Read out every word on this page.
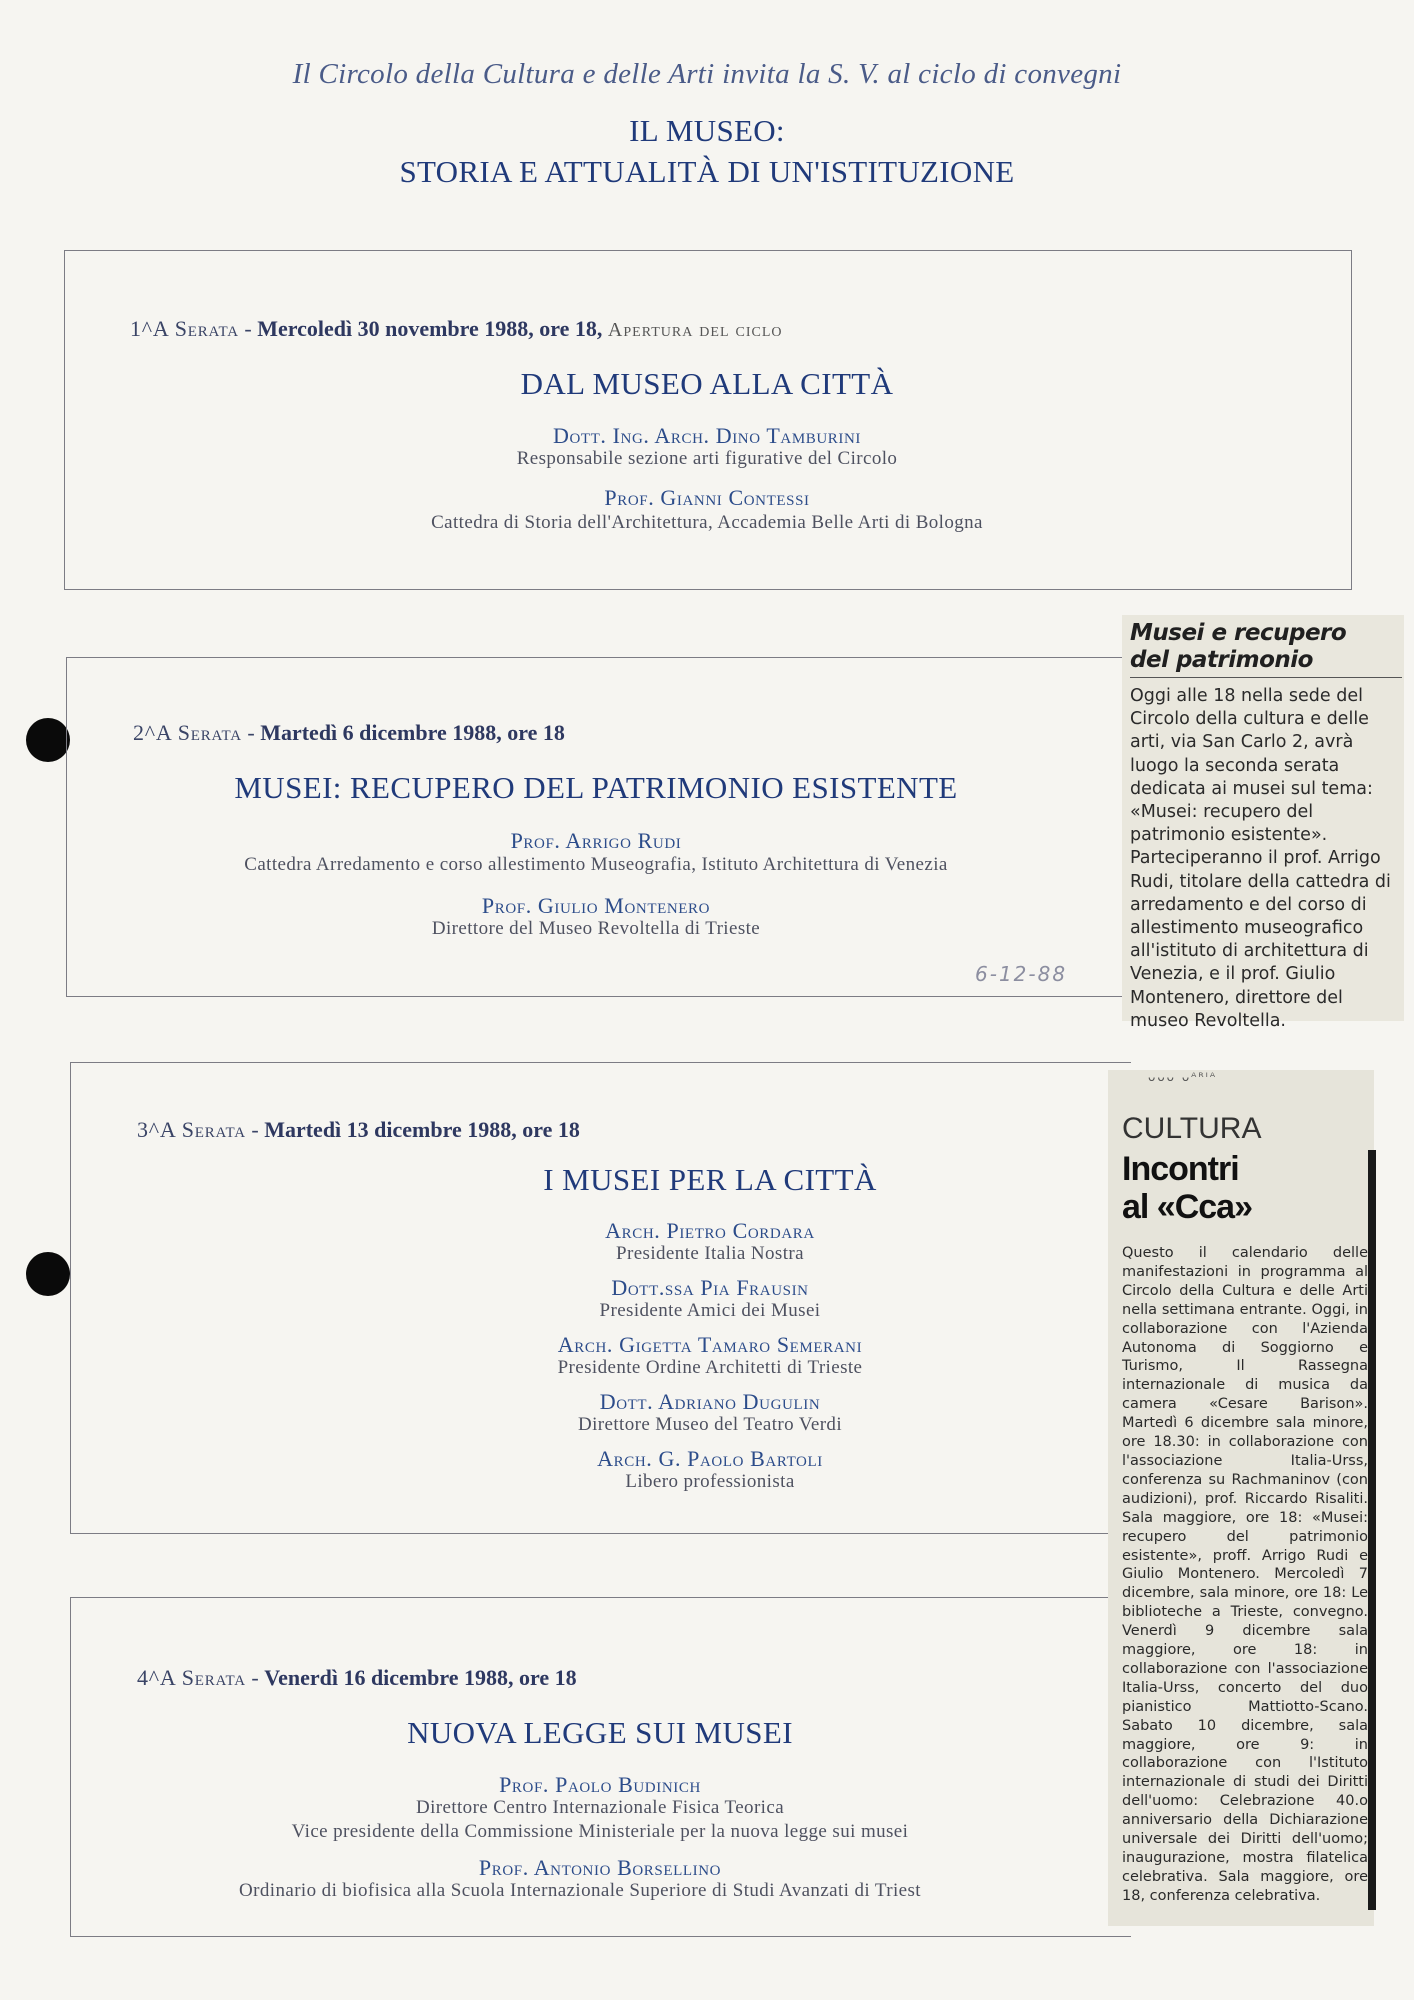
Il Circolo della Cultura e delle Arti invita la S. V. al ciclo di convegni
IL MUSEO:
STORIA E ATTUALITÀ DI UN'ISTITUZIONE
1^A Serata - Mercoledì 30 novembre 1988, ore 18, Apertura del ciclo
DAL MUSEO ALLA CITTÀ
Dott. Ing. Arch. Dino Tamburini
Responsabile sezione arti figurative del Circolo
Prof. Gianni Contessi
Cattedra di Storia dell'Architettura, Accademia Belle Arti di Bologna
2^A Serata - Martedì 6 dicembre 1988, ore 18
MUSEI: RECUPERO DEL PATRIMONIO ESISTENTE
Prof. Arrigo Rudi
Cattedra Arredamento e corso allestimento Museografia, Istituto Architettura di Venezia
Prof. Giulio Montenero
Direttore del Museo Revoltella di Trieste
6-12-88
3^A Serata - Martedì 13 dicembre 1988, ore 18
I MUSEI PER LA CITTÀ
Arch. Pietro Cordara
Presidente Italia Nostra
Dott.ssa Pia Frausin
Presidente Amici dei Musei
Arch. Gigetta Tamaro Semerani
Presidente Ordine Architetti di Trieste
Dott. Adriano Dugulin
Direttore Museo del Teatro Verdi
Arch. G. Paolo Bartoli
Libero professionista
4^A Serata - Venerdì 16 dicembre 1988, ore 18
NUOVA LEGGE SUI MUSEI
Prof. Paolo Budinich
Direttore Centro Internazionale Fisica Teorica
Vice presidente della Commissione Ministeriale per la nuova legge sui musei
Prof. Antonio Borsellino
Ordinario di biofisica alla Scuola Internazionale Superiore di Studi Avanzati di Triest
Musei e recupero
del patrimonio
Oggi alle 18 nella sede del Circolo della cultura e delle arti, via San Carlo 2, avrà luogo la seconda serata dedicata ai musei sul tema: «Musei: recupero del patrimonio esistente». Parteciperanno il prof. Arrigo Rudi, titolare della cattedra di arredamento e del corso di allestimento museografico all'istituto di architettura di Venezia, e il prof. Giulio Montenero, direttore del museo Revoltella.
ᴗᴗᴗ ᴗᴬᴿᴵᴬ
CULTURA
Incontri
al «Cca»
Questo il calendario delle manifestazioni in programma al Circolo della Cultura e delle Arti nella settimana entrante. Oggi, in collaborazione con l'Azienda Autonoma di Soggiorno e Turismo, Il Rassegna internazionale di musica da camera «Cesare Barison». Martedì 6 dicembre sala minore, ore 18.30: in collaborazione con l'associazione Italia-Urss, conferenza su Rachmaninov (con audizioni), prof. Riccardo Risaliti. Sala maggiore, ore 18: «Musei: recupero del patrimonio esistente», proff. Arrigo Rudi e Giulio Montenero. Mercoledì 7 dicembre, sala minore, ore 18: Le biblioteche a Trieste, convegno. Venerdì 9 dicembre sala maggiore, ore 18: in collaborazione con l'associazione Italia-Urss, concerto del duo pianistico Mattiotto-Scano. Sabato 10 dicembre, sala maggiore, ore 9: in collaborazione con l'Istituto internazionale di studi dei Diritti dell'uomo: Celebrazione 40.o anniversario della Dichiarazione universale dei Diritti dell'uomo; inaugurazione, mostra filatelica celebrativa. Sala maggiore, ore 18, conferenza celebrativa.
